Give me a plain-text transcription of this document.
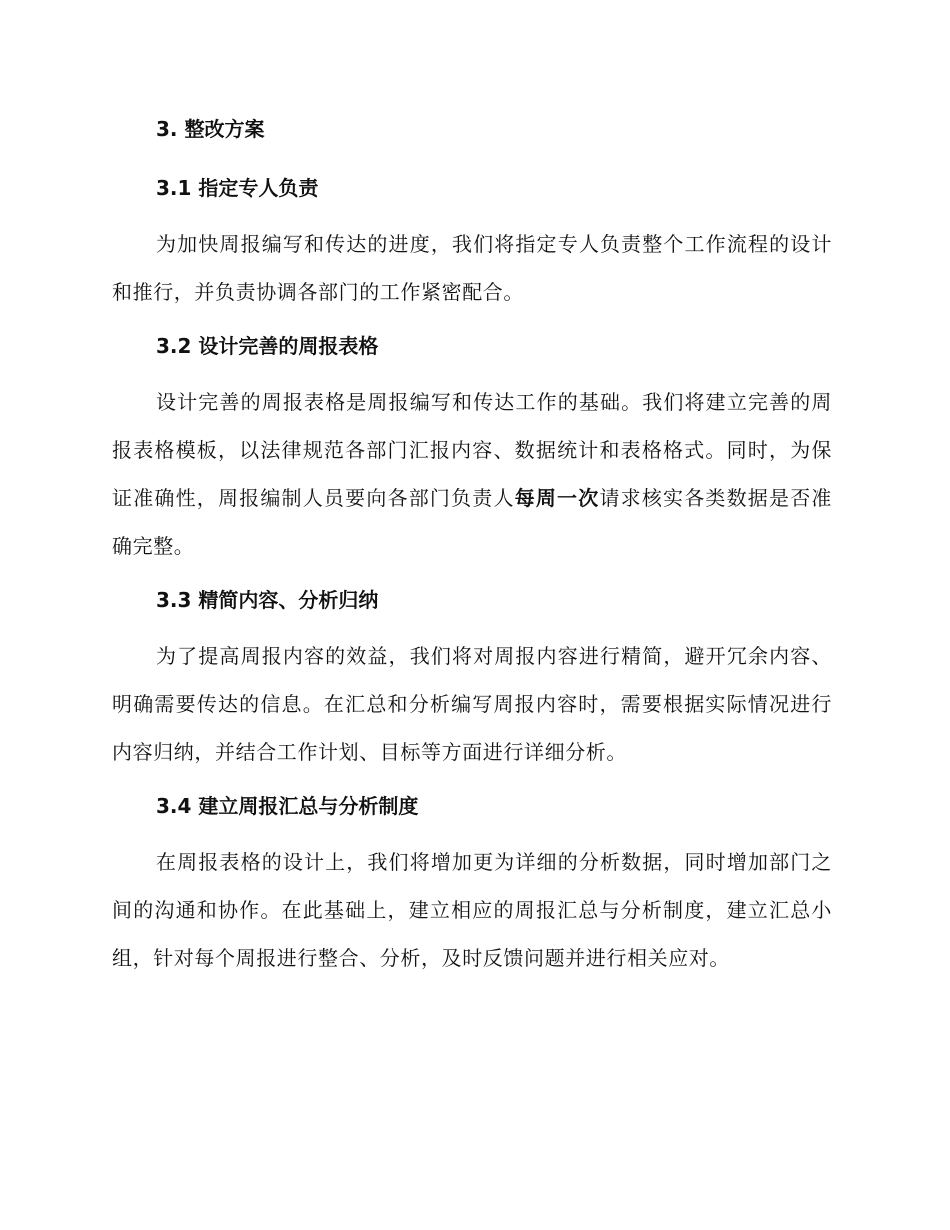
3. 整改方案
3.1 指定专人负责

为加快周报编写和传达的进度，我们将指定专人负责整个工作流程的设计和推行，并负责协调各部门的工作紧密配合。

3.2 设计完善的周报表格

设计完善的周报表格是周报编写和传达工作的基础。我们将建立完善的周报表格模板，以法律规范各部门汇报内容、数据统计和表格格式。同时，为保证准确性，周报编制人员要向各部门负责人每周一次请求核实各类数据是否准确完整。

3.3 精简内容、分析归纳

为了提高周报内容的效益，我们将对周报内容进行精简，避开冗余内容、明确需要传达的信息。在汇总和分析编写周报内容时，需要根据实际情况进行内容归纳，并结合工作计划、目标等方面进行详细分析。

3.4 建立周报汇总与分析制度

在周报表格的设计上，我们将增加更为详细的分析数据，同时增加部门之间的沟通和协作。在此基础上，建立相应的周报汇总与分析制度，建立汇总小组，针对每个周报进行整合、分析，及时反馈问题并进行相关应对。
